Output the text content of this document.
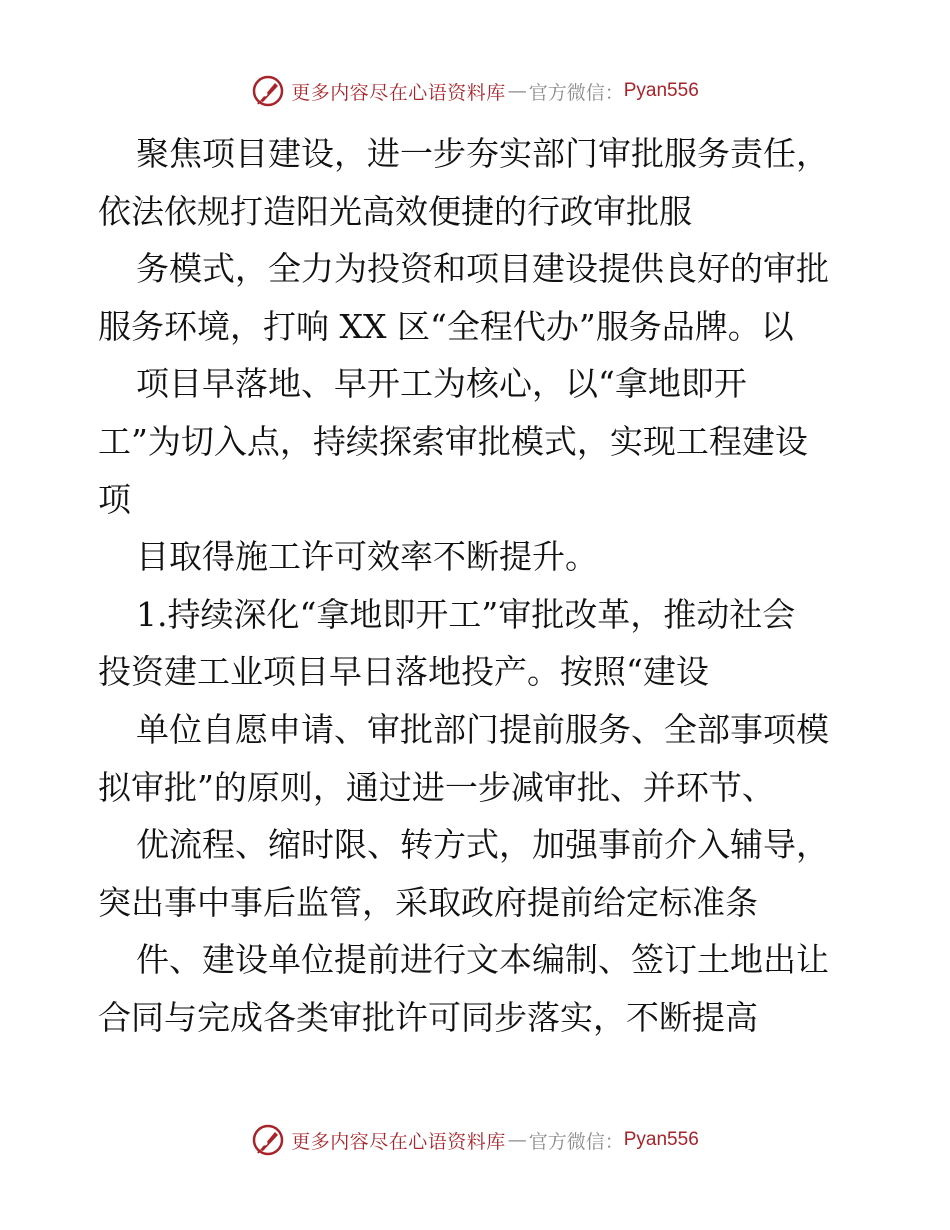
更多内容尽在心语资料库 — 官方微信： Pyan556
聚焦项目建设，进一步夯实部门审批服务责任，
依法依规打造阳光高效便捷的行政审批服
务模式，全力为投资和项目建设提供良好的审批
服务环境，打响 XX 区“全程代办”服务品牌。以
项目早落地、早开工为核心，以“拿地即开
工”为切入点，持续探索审批模式，实现工程建设
项
目取得施工许可效率不断提升。
1.持续深化“拿地即开工”审批改革，推动社会
投资建工业项目早日落地投产。按照“建设
单位自愿申请、审批部门提前服务、全部事项模
拟审批”的原则，通过进一步减审批、并环节、
优流程、缩时限、转方式，加强事前介入辅导，
突出事中事后监管，采取政府提前给定标准条
件、建设单位提前进行文本编制、签订土地出让
合同与完成各类审批许可同步落实，不断提高
更多内容尽在心语资料库 — 官方微信： Pyan556
